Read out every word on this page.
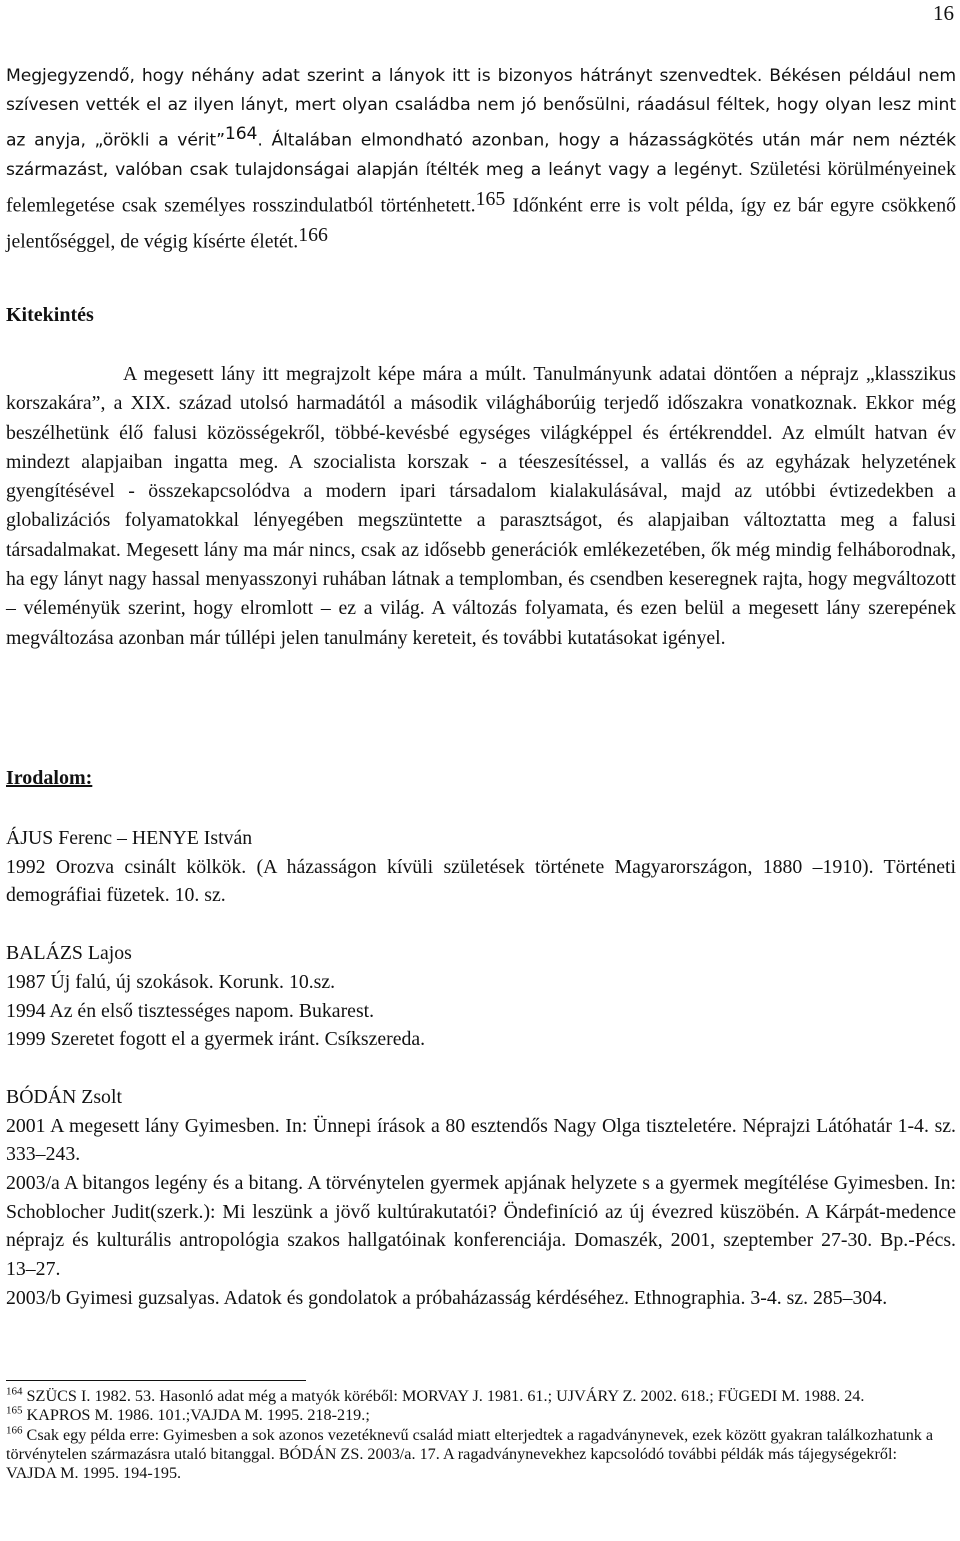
16

Megjegyzendő, hogy néhány adat szerint a lányok itt is bizonyos hátrányt szenvedtek. Békésen például nem szívesen vették el az ilyen lányt, mert olyan családba nem jó benősülni, ráadásul féltek, hogy olyan lesz mint az anyja, „örökli a vérit”$^{164}$. Általában elmondható azonban, hogy a házasságkötés után már nem nézték származást, valóban csak tulajdonságai alapján ítélték meg a leányt vagy a legényt. Születési körülményeinek felemlegetése csak személyes rosszindulatból történhetett.$^{165}$ Időnként erre is volt példa, így ez bár egyre csökkenő jelentőséggel, de végig kísérte életét.$^{166}$

Kitekintés

A megesett lány itt megrajzolt képe mára a múlt. Tanulmányunk adatai döntően a néprajz „klasszikus korszakára”, a XIX. század utolsó harmadától a második világháborúig terjedő időszakra vonatkoznak. Ekkor még beszélhetünk élő falusi közösségekről, többé-kevésbé egységes világképpel és értékrenddel. Az elmúlt hatvan év mindezt alapjaiban ingatta meg. A szocialista korszak - a téeszesítéssel, a vallás és az egyházak helyzetének gyengítésével - összekapcsolódva a modern ipari társadalom kialakulásával, majd az utóbbi évtizedekben a globalizációs folyamatokkal lényegében megszüntette a parasztságot, és alapjaiban változtatta meg a falusi társadalmakat. Megesett lány ma már nincs, csak az idősebb generációk emlékezetében, ők még mindig felháborodnak, ha egy lányt nagy hassal menyasszonyi ruhában látnak a templomban, és csendben keseregnek rajta, hogy megváltozott – véleményük szerint, hogy elromlott – ez a világ. A változás folyamata, és ezen belül a megesett lány szerepének megváltozása azonban már túllépi jelen tanulmány kereteit, és további kutatásokat igényel.

Irodalom:

ÁJUS Ferenc – HENYE István

1992 Orozva csinált kölkök. (A házasságon kívüli születések története Magyarországon, 1880 –1910). Történeti demográfiai füzetek. 10. sz.

BALÁZS Lajos

1987 Új falú, új szokások. Korunk. 10.sz.

1994 Az én első tisztességes napom. Bukarest.

1999 Szeretet fogott el a gyermek iránt. Csíkszereda.

BÓDÁN Zsolt

2001 A megesett lány Gyimesben. In: Ünnepi írások a 80 esztendős Nagy Olga tiszteletére. Néprajzi Látóhatár 1-4. sz. 333–243.

2003/a A bitangos legény és a bitang. A törvénytelen gyermek apjának helyzete s a gyermek megítélése Gyimesben. In: Schoblocher Judit(szerk.): Mi leszünk a jövő kultúrakutatói? Öndefiníció az új évezred küszöbén. A Kárpát-medence néprajz és kulturális antropológia szakos hallgatóinak konferenciája. Domaszék, 2001, szeptember 27-30. Bp.-Pécs. 13–27.

2003/b Gyimesi guzsalyas. Adatok és gondolatok a próbaházasság kérdéséhez. Ethnographia. 3-4. sz. 285–304.

$^{164}$ SZÜCS I. 1982. 53. Hasonló adat még a matyók köréből: MORVAY J. 1981. 61.; UJVÁRY Z. 2002. 618.; FÜGEDI M. 1988. 24.

$^{165}$ KAPROS M. 1986. 101.;VAJDA M. 1995. 218-219.;

$^{166}$ Csak egy példa erre: Gyimesben a sok azonos vezetéknevű család miatt elterjedtek a ragadványnevek, ezek között gyakran találkozhatunk a törvénytelen származásra utaló bitanggal. BÓDÁN ZS. 2003/a. 17. A ragadványnevekhez kapcsolódó további példák más tájegységekről: VAJDA M. 1995. 194-195.
